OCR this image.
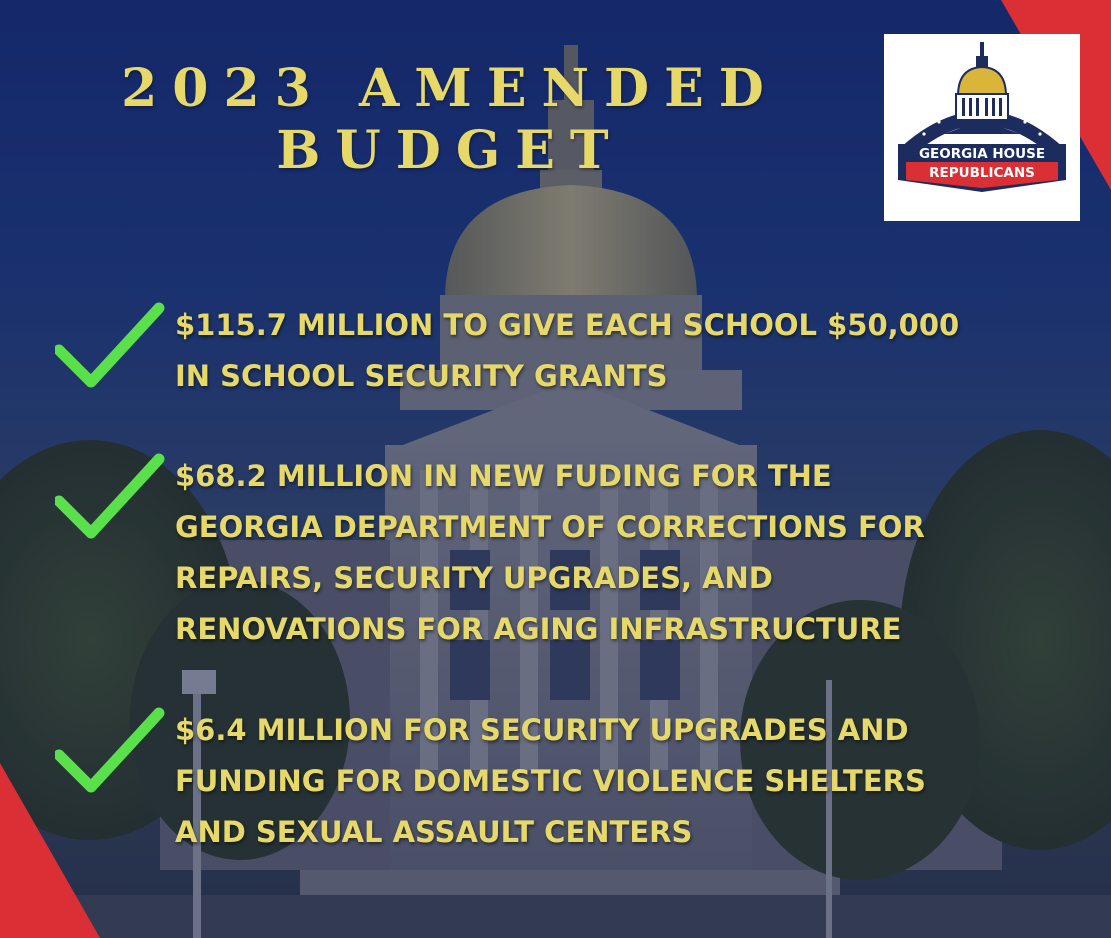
2023 AMENDED
BUDGET	GEORGIA HOUSE
REPUBLICANS
$115.7 MILLION TO GIVE EACH SCHOOL $50,000
IN SCHOOL SECURITY GRANTS
$68.2 MILLION IN NEW FUDING FOR THE
GEORGIA DEPARTMENT OF CORRECTIONS FOR
REPAIRS, SECURITY UPGRADES, AND
RENOVATIONS FOR AGING INFRASTRUCTURE
$6.4 MILLION FOR SECURITY UPGRADES AND
FUNDING FOR DOMESTIC VIOLENCE SHELTERS
AND SEXUAL ASSAULT CENTERS
